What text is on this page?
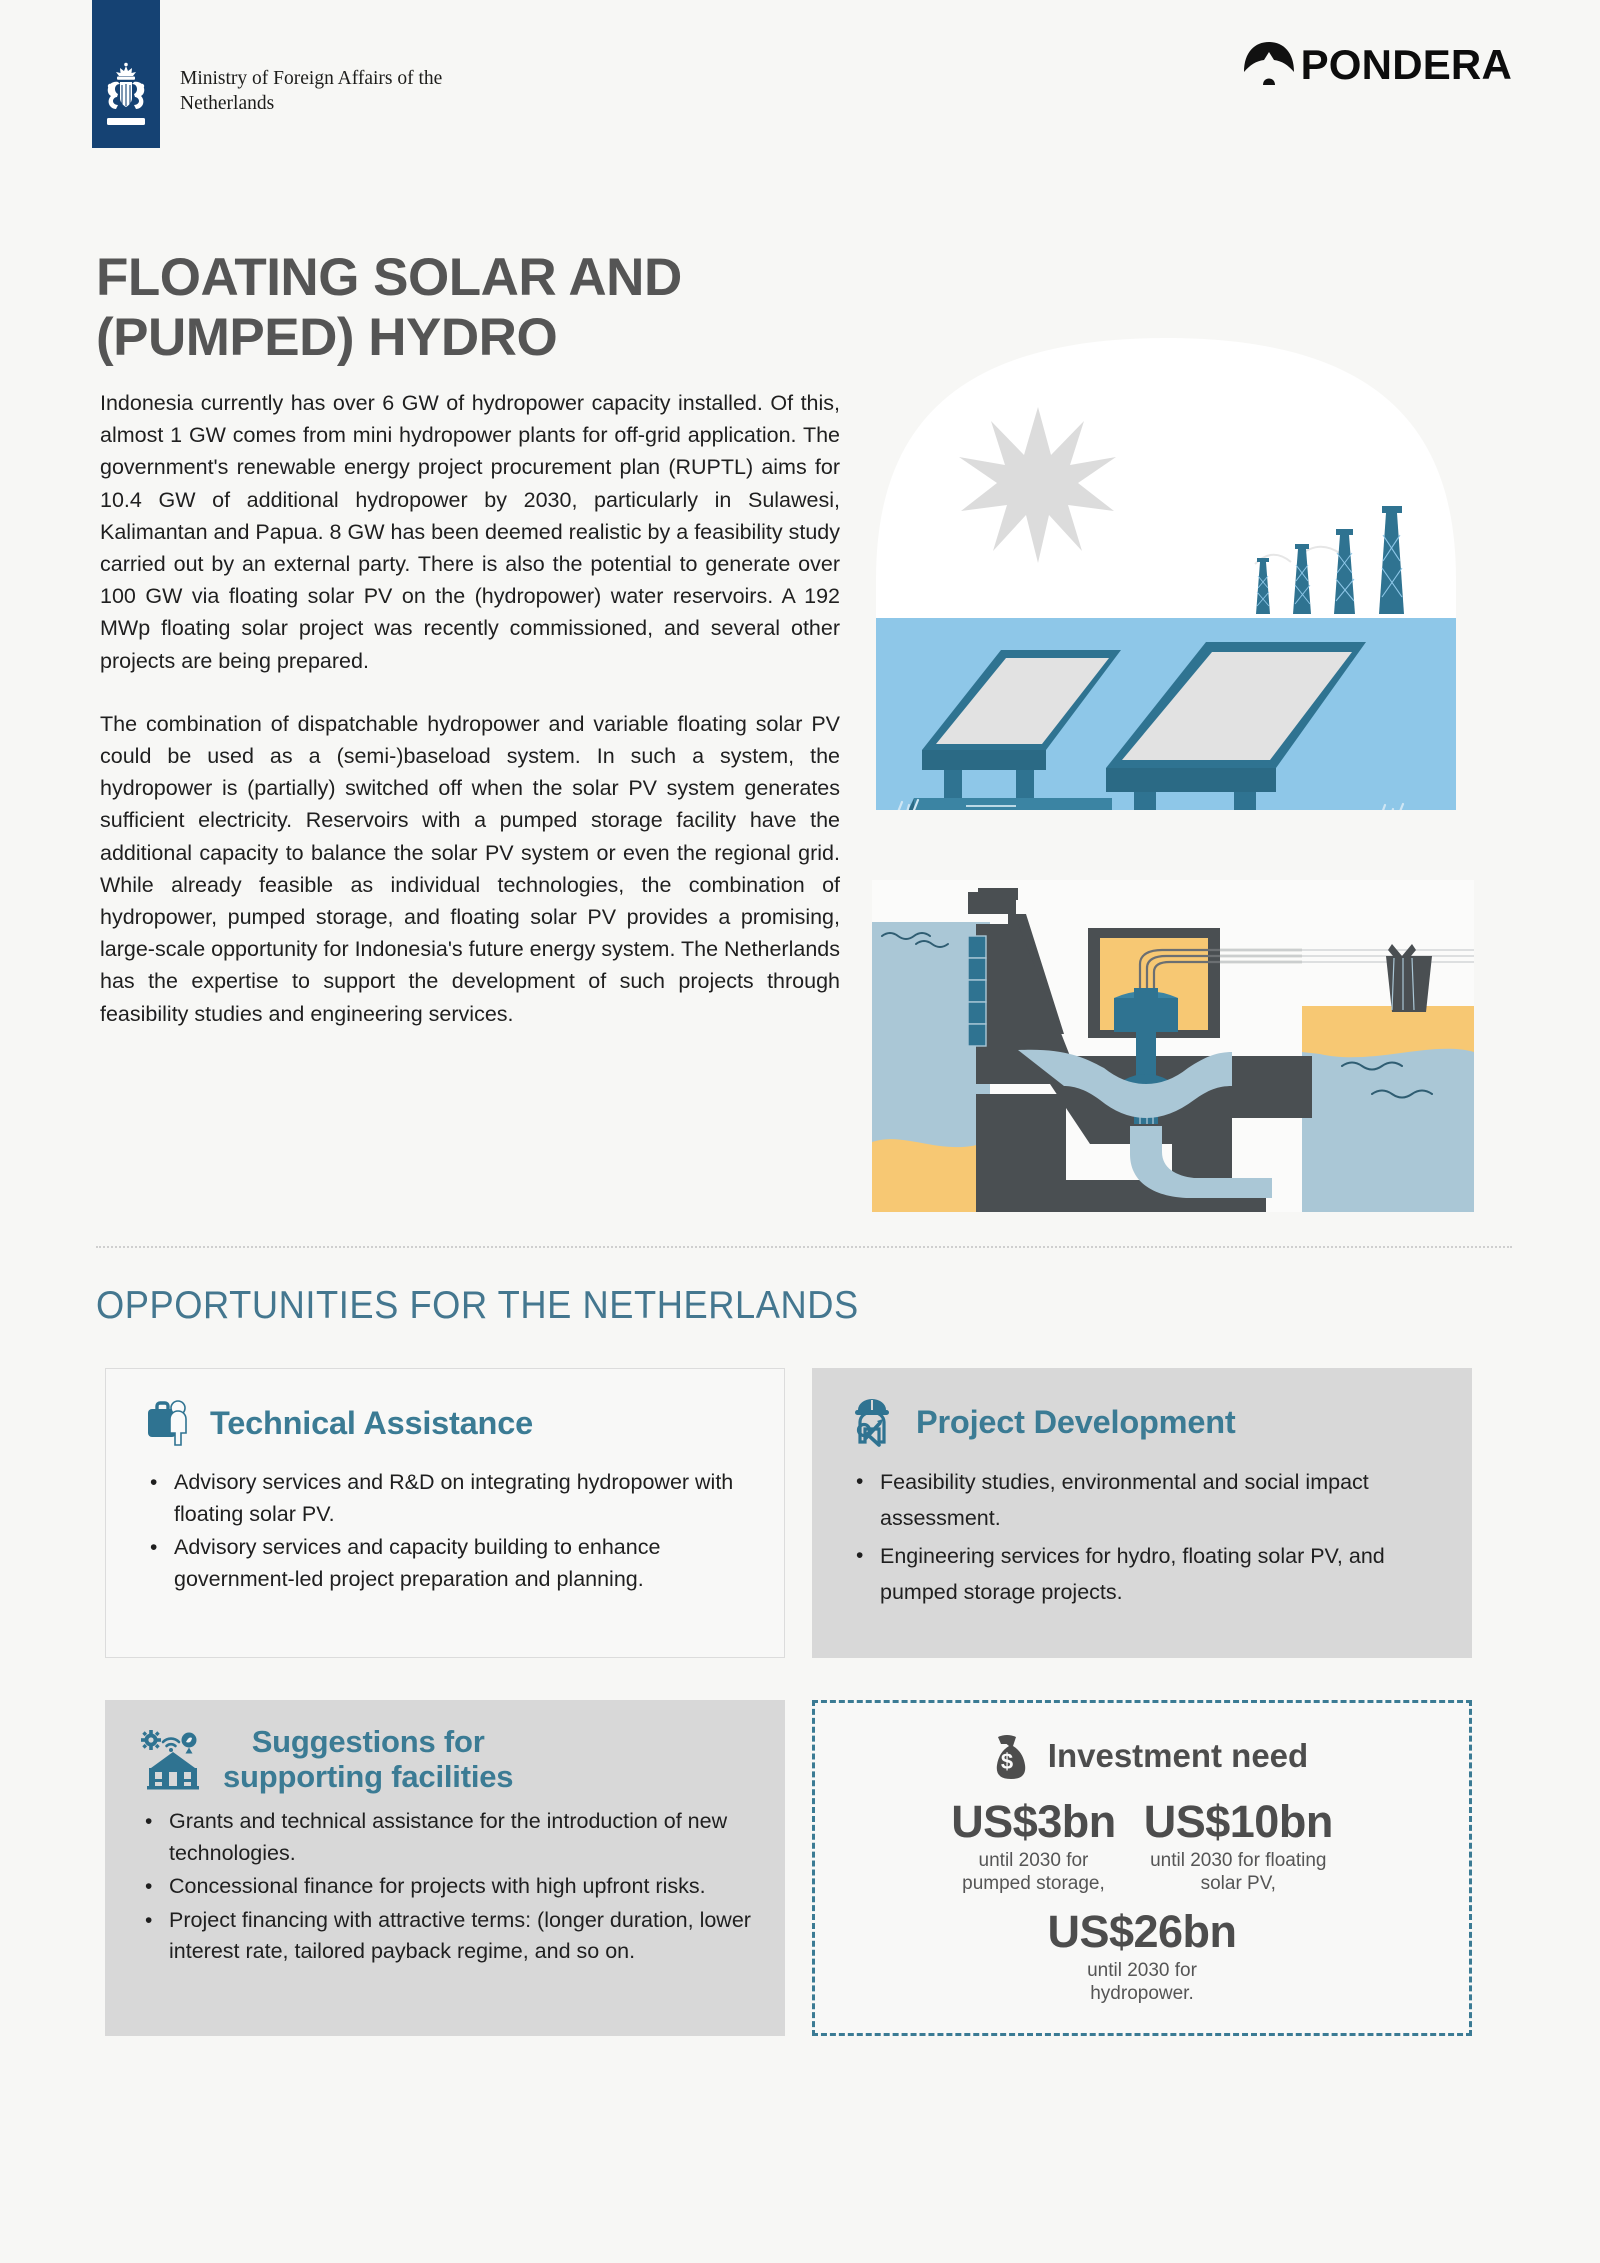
Ministry of Foreign Affairs of the Netherlands
PONDERA
FLOATING SOLAR AND
(PUMPED) HYDRO

Indonesia currently has over 6 GW of hydropower capacity installed. Of this, almost 1 GW comes from mini hydropower plants for off-grid application. The government's renewable energy project procurement plan (RUPTL) aims for 10.4 GW of additional hydropower by 2030, particularly in Sulawesi, Kalimantan and Papua. 8 GW has been deemed realistic by a feasibility study carried out by an external party. There is also the potential to generate over 100 GW via floating solar PV on the (hydropower) water reservoirs. A 192 MWp floating solar project was recently commissioned, and several other projects are being prepared.

The combination of dispatchable hydropower and variable floating solar PV could be used as a (semi-)baseload system. In such a system, the hydropower is (partially) switched off when the solar PV system generates sufficient electricity. Reservoirs with a pumped storage facility have the additional capacity to balance the solar PV system or even the regional grid. While already feasible as individual technologies, the combination of hydropower, pumped storage, and floating solar PV provides a promising, large-scale opportunity for Indonesia's future energy system. The Netherlands has the expertise to support the development of such projects through feasibility studies and engineering services.

OPPORTUNITIES FOR THE NETHERLANDS
Technical Assistance
• Advisory services and R&D on integrating hydropower with floating solar PV.
• Advisory services and capacity building to enhance government-led project preparation and planning.
Project Development
• Feasibility studies, environmental and social impact assessment.
• Engineering services for hydro, floating solar PV, and pumped storage projects.
Suggestions for
supporting facilities
• Grants and technical assistance for the introduction of new technologies.
• Concessional finance for projects with high upfront risks.
• Project financing with attractive terms: (longer duration, lower interest rate, tailored payback regime, and so on.
$ Investment need
US$3bn
until 2030 for
pumped storage,
US$10bn
until 2030 for floating
solar PV,
US$26bn
until 2030 for
hydropower.
